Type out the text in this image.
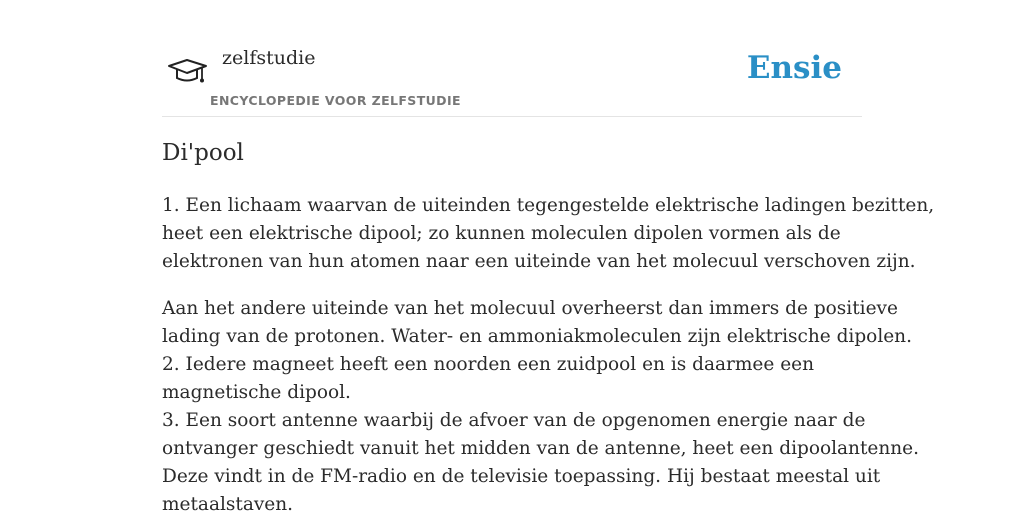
zelfstudie
ENCYCLOPEDIE VOOR ZELFSTUDIE
Ensie
Di'pool

1. Een lichaam waarvan de uiteinden tegengestelde elektrische ladingen bezitten,
heet een elektrische dipool; zo kunnen moleculen dipolen vormen als de
elektronen van hun atomen naar een uiteinde van het molecuul verschoven zijn.

Aan het andere uiteinde van het molecuul overheerst dan immers de positieve
lading van de protonen. Water- en ammoniakmoleculen zijn elektrische dipolen.
2. Iedere magneet heeft een noorden een zuidpool en is daarmee een
magnetische dipool.
3. Een soort antenne waarbij de afvoer van de opgenomen energie naar de
ontvanger geschiedt vanuit het midden van de antenne, heet een dipoolantenne.
Deze vindt in de FM-radio en de televisie toepassing. Hij bestaat meestal uit
metaalstaven.
